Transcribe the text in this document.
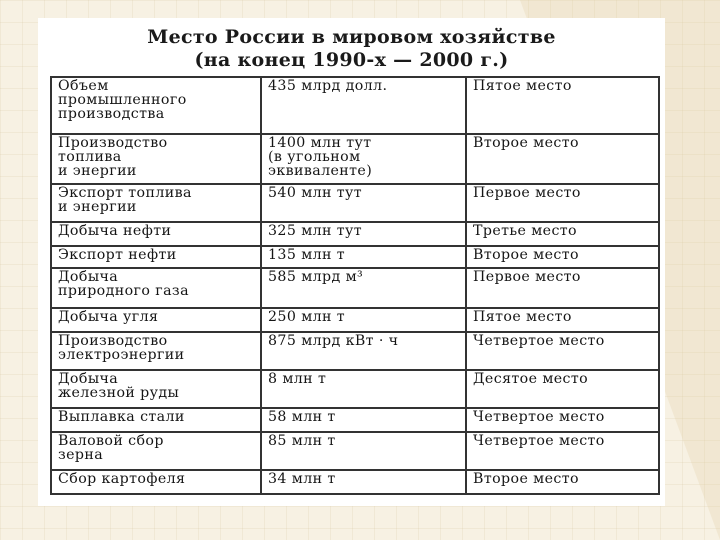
Место России в мировом хозяйстве
(на конец 1990-х — 2000 г.)
Объем
промышленного
производства	435 млрд долл.	Пятое место
Производство
топлива
и энергии	1400 млн тут
(в угольном
эквиваленте)	Второе место
Экспорт топлива
и энергии	540 млн тут	Первое место
Добыча нефти	325 млн тут	Третье место
Экспорт нефти	135 млн т	Второе место
Добыча
природного газа	585 млрд м³	Первое место
Добыча угля	250 млн т	Пятое место
Производство
электроэнергии	875 млрд кВт · ч	Четвертое место
Добыча
железной руды	8 млн т	Десятое место
Выплавка стали	58 млн т	Четвертое место
Валовой сбор
зерна	85 млн т	Четвертое место
Сбор картофеля	34 млн т	Второе место
